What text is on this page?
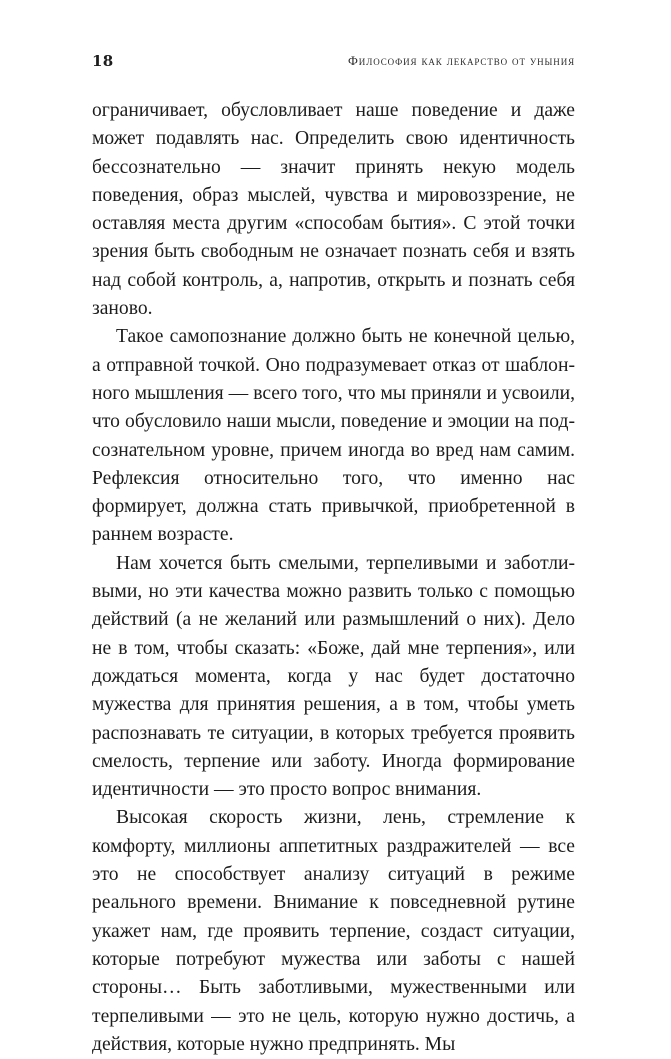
18	Философия как лекарство от уныния

ограничивает, обусловливает наше поведение и даже может подавлять нас. Определить свою идентичность бессознательно — значит принять некую модель поведения, образ мыслей, чувства и мировоззрение, не оставляя места другим «способам бытия». С этой точки зрения быть свободным не означает познать себя и взять над собой контроль, а, напротив, открыть и познать себя заново.

Такое самопознание должно быть не конечной целью, а отправной точкой. Оно подразумевает отказ от шаблонного мышления — всего того, что мы приняли и усвоили, что обусловило наши мысли, поведение и эмоции на подсознательном уровне, причем иногда во вред нам самим. Рефлексия относительно того, что именно нас формирует, должна стать привычкой, приобретенной в раннем возрасте.

Нам хочется быть смелыми, терпеливыми и заботливыми, но эти качества можно развить только с помощью действий (а не желаний или размышлений о них). Дело не в том, чтобы сказать: «Боже, дай мне терпения», или дождаться момента, когда у нас будет достаточно мужества для принятия решения, а в том, чтобы уметь распознавать те ситуации, в которых требуется проявить смелость, терпение или заботу. Иногда формирование идентичности — это просто вопрос внимания.

Высокая скорость жизни, лень, стремление к комфорту, миллионы аппетитных раздражителей — все это не способствует анализу ситуаций в режиме реального времени. Внимание к повседневной рутине укажет нам, где проявить терпение, создаст ситуации, которые потребуют мужества или заботы с нашей стороны… Быть заботливыми, мужественными или терпеливыми — это не цель, которую нужно достичь, а действия, которые нужно предпринять. Мы
